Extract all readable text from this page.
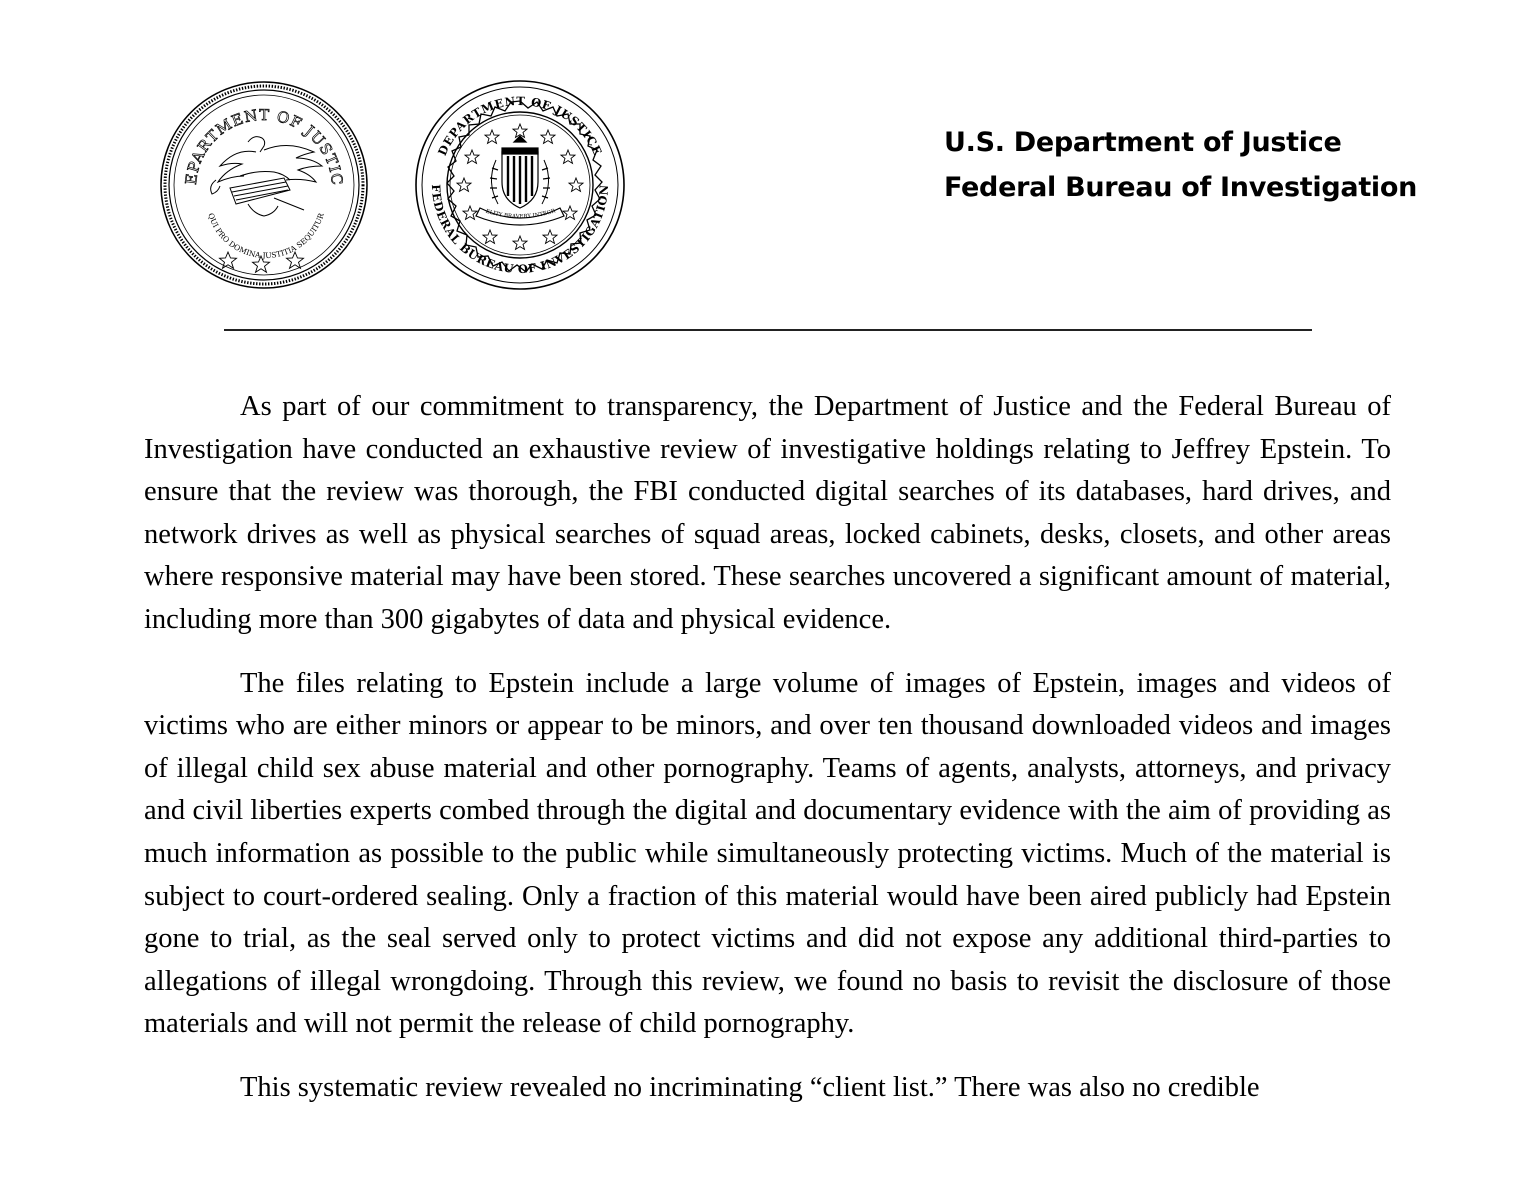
EPARTMENT OF JUSTIC
QUI PRO DOMINA JUSTITIA SEQUITUR
DEPARTMENT OF JUSTICE
FEDERAL BUREAU OF INVESTIGATION
ELITY BRAVERY INTEGR
U.S. Department of Justice
Federal Bureau of Investigation

As part of our commitment to transparency, the Department of Justice and the Federal Bureau of Investigation have conducted an exhaustive review of investigative holdings relating to Jeffrey Epstein. To ensure that the review was thorough, the FBI conducted digital searches of its databases, hard drives, and network drives as well as physical searches of squad areas, locked cabinets, desks, closets, and other areas where responsive material may have been stored. These searches uncovered a significant amount of material, including more than 300 gigabytes of data and physical evidence.

The files relating to Epstein include a large volume of images of Epstein, images and videos of victims who are either minors or appear to be minors, and over ten thousand downloaded videos and images of illegal child sex abuse material and other pornography. Teams of agents, analysts, attorneys, and privacy and civil liberties experts combed through the digital and documentary evidence with the aim of providing as much information as possible to the public while simultaneously protecting victims. Much of the material is subject to court-ordered sealing. Only a fraction of this material would have been aired publicly had Epstein gone to trial, as the seal served only to protect victims and did not expose any additional third-parties to allegations of illegal wrongdoing. Through this review, we found no basis to revisit the disclosure of those materials and will not permit the release of child pornography.

This systematic review revealed no incriminating “client list.” There was also no credible
